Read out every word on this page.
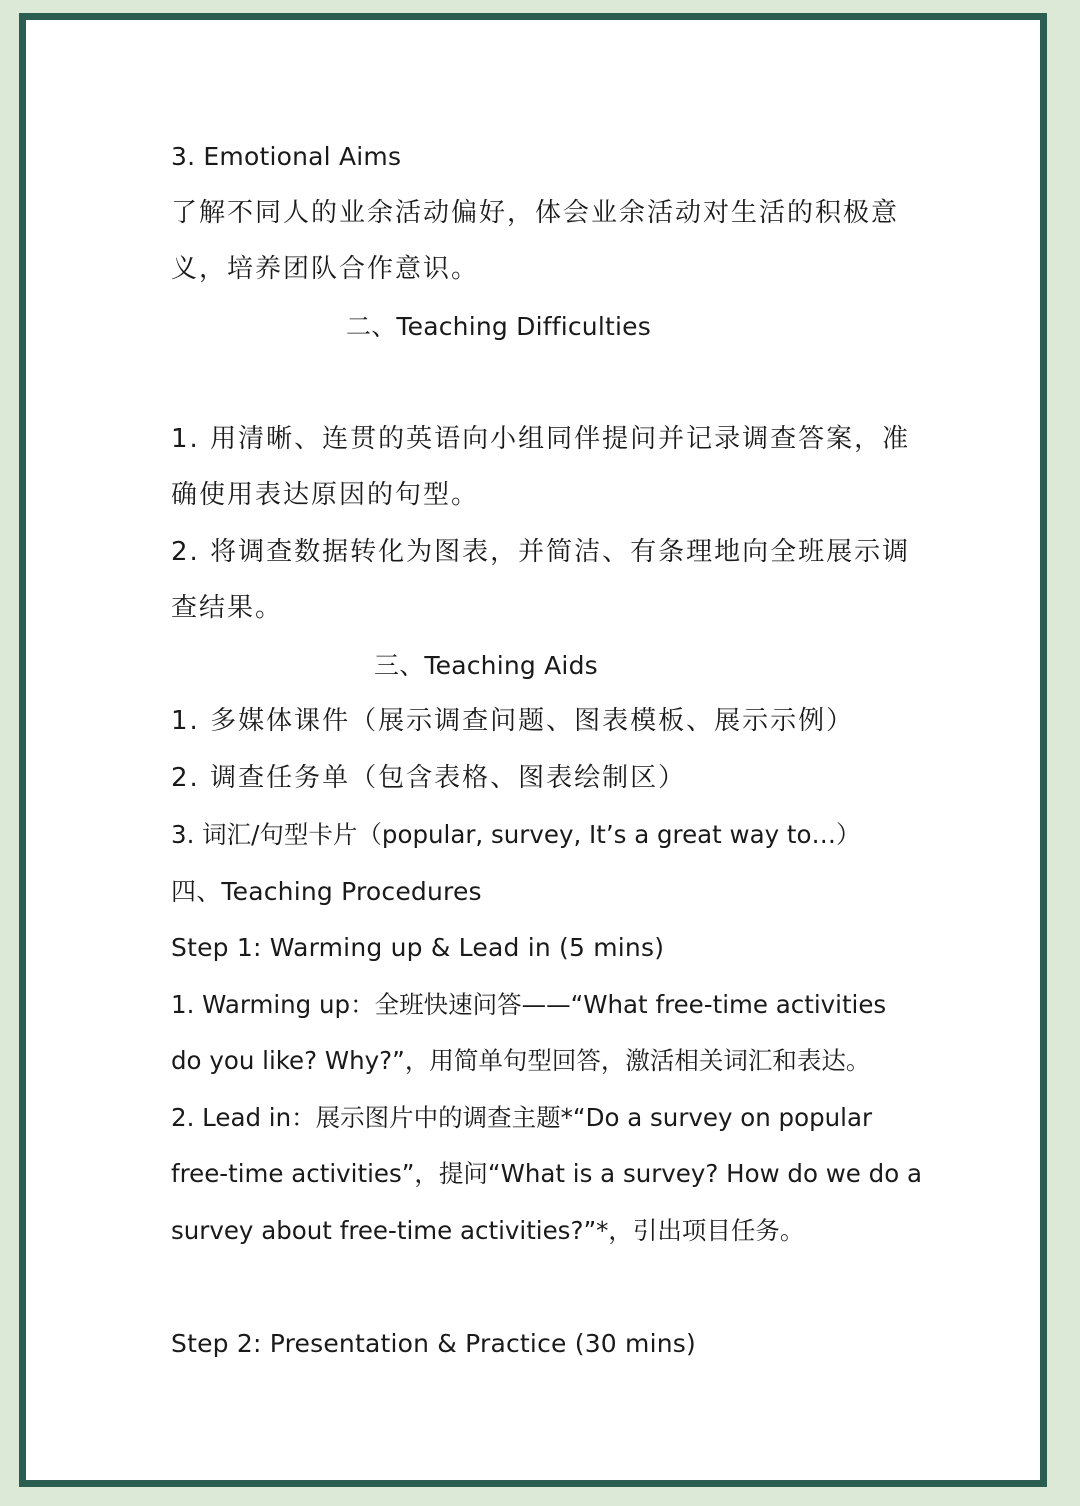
3. Emotional Aims
了解不同人的业余活动偏好，体会业余活动对生活的积极意
义，培养团队合作意识。
二、Teaching Difficulties
1. 用清晰、连贯的英语向小组同伴提问并记录调查答案，准
确使用表达原因的句型。
2. 将调查数据转化为图表，并简洁、有条理地向全班展示调
查结果。
三、Teaching Aids
1. 多媒体课件（展示调查问题、图表模板、展示示例）
2. 调查任务单（包含表格、图表绘制区）
3. 词汇/句型卡片（popular, survey, It’s a great way to…）
四、Teaching Procedures
Step 1: Warming up & Lead in (5 mins)
1. Warming up：全班快速问答——“What free-time activities
do you like? Why?”，用简单句型回答，激活相关词汇和表达。
2. Lead in：展示图片中的调查主题*“Do a survey on popular
free-time activities”，提问“What is a survey? How do we do a
survey about free-time activities?”*，引出项目任务。
Step 2: Presentation & Practice (30 mins)
